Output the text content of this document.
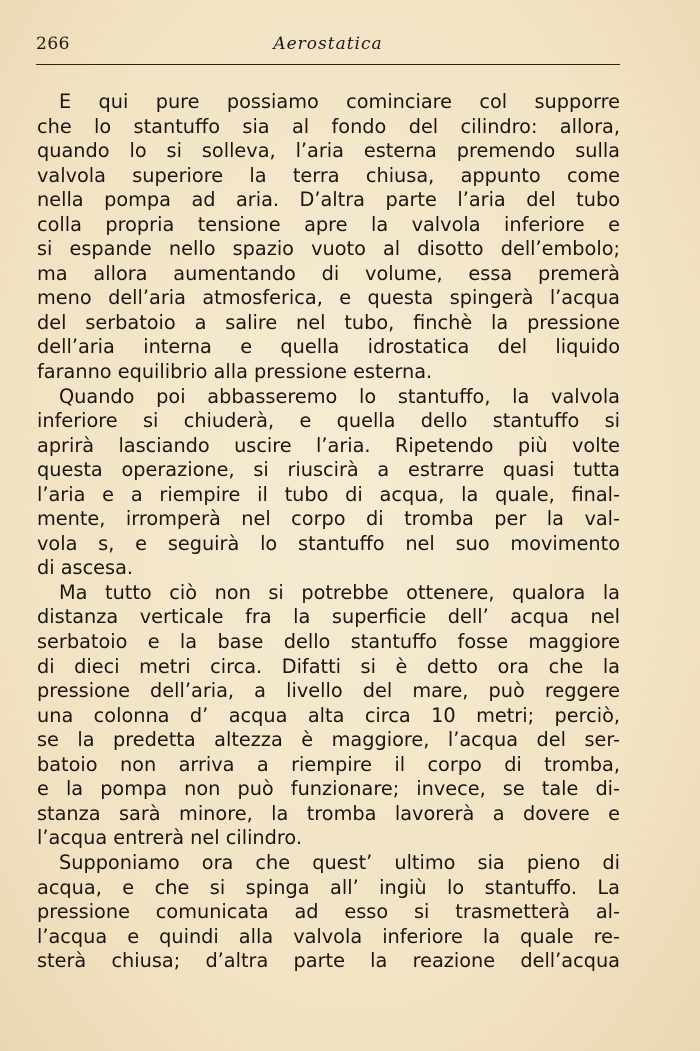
266	Aerostatica
E qui pure possiamo cominciare col supporre
che lo stantuffo sia al fondo del cilindro: allora,
quando lo si solleva, l’aria esterna premendo sulla
valvola superiore la terra chiusa, appunto come
nella pompa ad aria. D’altra parte l’aria del tubo
colla propria tensione apre la valvola inferiore e
si espande nello spazio vuoto al disotto dell’embolo;
ma allora aumentando di volume, essa premerà
meno dell’aria atmosferica, e questa spingerà l’acqua
del serbatoio a salire nel tubo, finchè la pressione
dell’aria interna e quella idrostatica del liquido
faranno equilibrio alla pressione esterna.
Quando poi abbasseremo lo stantuffo, la valvola
inferiore si chiuderà, e quella dello stantuffo si
aprirà lasciando uscire l’aria. Ripetendo più volte
questa operazione, si riuscirà a estrarre quasi tutta
l’aria e a riempire il tubo di acqua, la quale, final-
mente, irromperà nel corpo di tromba per la val-
vola s, e seguirà lo stantuffo nel suo movimento
di ascesa.
Ma tutto ciò non si potrebbe ottenere, qualora la
distanza verticale fra la superficie dell’ acqua nel
serbatoio e la base dello stantuffo fosse maggiore
di dieci metri circa. Difatti si è detto ora che la
pressione dell’aria, a livello del mare, può reggere
una colonna d’ acqua alta circa 10 metri; perciò,
se la predetta altezza è maggiore, l’acqua del ser-
batoio non arriva a riempire il corpo di tromba,
e la pompa non può funzionare; invece, se tale di-
stanza sarà minore, la tromba lavorerà a dovere e
l’acqua entrerà nel cilindro.
Supponiamo ora che quest’ ultimo sia pieno di
acqua, e che si spinga all’ ingiù lo stantuffo. La
pressione comunicata ad esso si trasmetterà al-
l’acqua e quindi alla valvola inferiore la quale re-
sterà chiusa; d’altra parte la reazione dell’acqua
